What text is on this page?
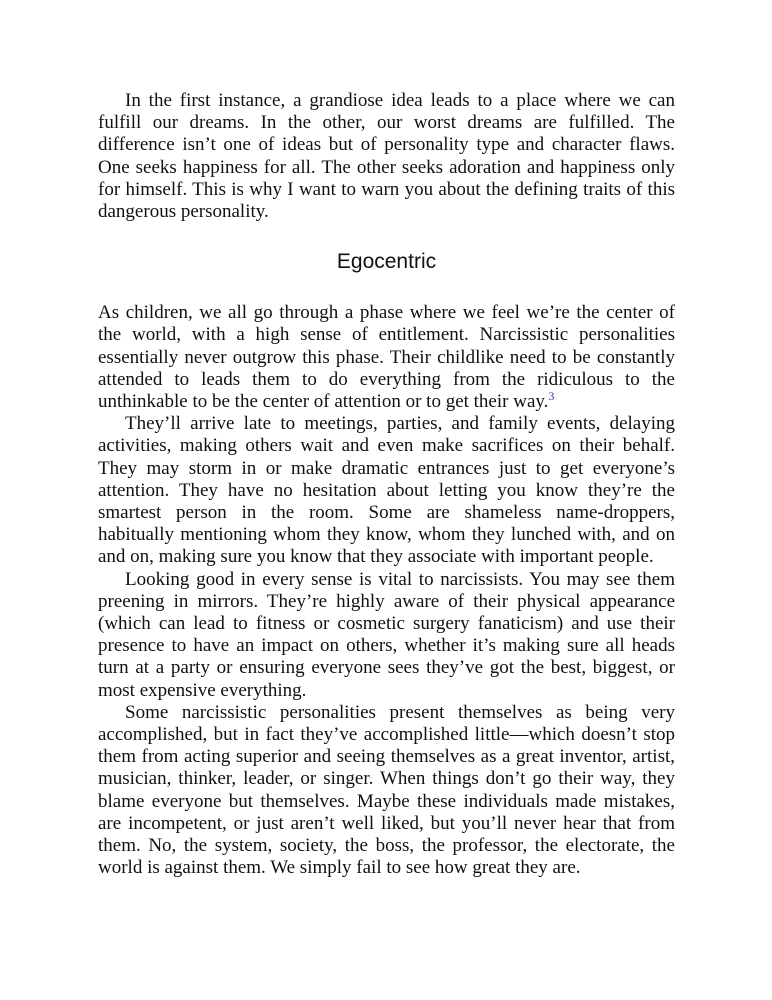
In the first instance, a grandiose idea leads to a place where we can fulfill our dreams. In the other, our worst dreams are fulfilled. The difference isn’t one of ideas but of personality type and character flaws. One seeks happiness for all. The other seeks adoration and happiness only for himself. This is why I want to warn you about the defining traits of this dangerous personality.

Egocentric

As children, we all go through a phase where we feel we’re the center of the world, with a high sense of entitlement. Narcissistic personalities essentially never outgrow this phase. Their childlike need to be constantly attended to leads them to do everything from the ridiculous to the unthinkable to be the center of attention or to get their way.$^3$

They’ll arrive late to meetings, parties, and family events, delaying activities, making others wait and even make sacrifices on their behalf. They may storm in or make dramatic entrances just to get everyone’s attention. They have no hesitation about letting you know they’re the smartest person in the room. Some are shameless name-droppers, habitually mentioning whom they know, whom they lunched with, and on and on, making sure you know that they associate with important people.

Looking good in every sense is vital to narcissists. You may see them preening in mirrors. They’re highly aware of their physical appearance (which can lead to fitness or cosmetic surgery fanaticism) and use their presence to have an impact on others, whether it’s making sure all heads turn at a party or ensuring everyone sees they’ve got the best, biggest, or most expensive everything.

Some narcissistic personalities present themselves as being very accomplished, but in fact they’ve accomplished little—which doesn’t stop them from acting superior and seeing themselves as a great inventor, artist, musician, thinker, leader, or singer. When things don’t go their way, they blame everyone but themselves. Maybe these individuals made mistakes, are incompetent, or just aren’t well liked, but you’ll never hear that from them. No, the system, society, the boss, the professor, the electorate, the world is against them. We simply fail to see how great they are.
